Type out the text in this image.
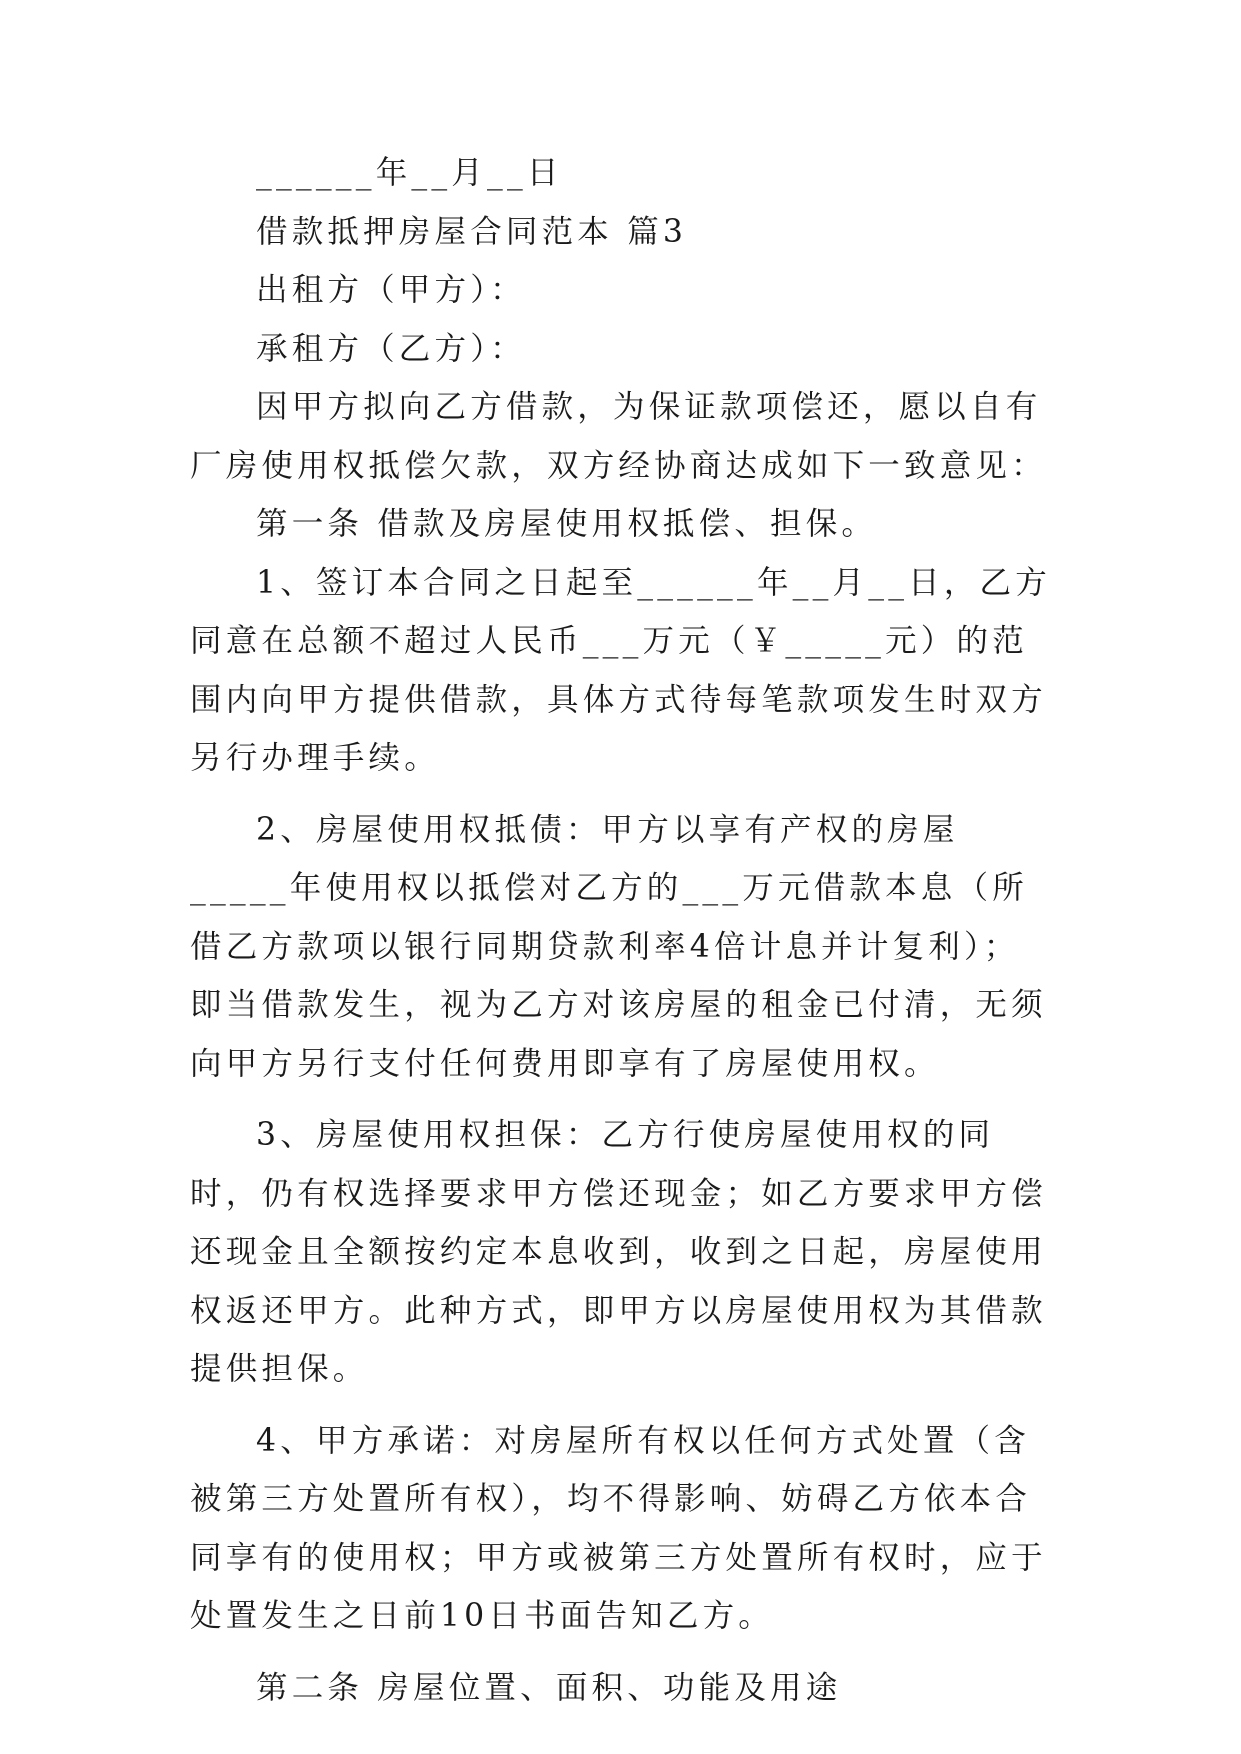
______年__月__日

借款抵押房屋合同范本 篇3

出租方（甲方）：

承租方（乙方）：

因甲方拟向乙方借款，为保证款项偿还，愿以自有厂房使用权抵偿欠款，双方经协商达成如下一致意见：

第一条 借款及房屋使用权抵偿、担保。

1、签订本合同之日起至______年__月__日，乙方同意在总额不超过人民币___万元（￥_____元）的范围内向甲方提供借款，具体方式待每笔款项发生时双方另行办理手续。

2、房屋使用权抵债：甲方以享有产权的房屋_____年使用权以抵偿对乙方的___万元借款本息（所借乙方款项以银行同期贷款利率4倍计息并计复利）；即当借款发生，视为乙方对该房屋的租金已付清，无须向甲方另行支付任何费用即享有了房屋使用权。

3、房屋使用权担保：乙方行使房屋使用权的同时，仍有权选择要求甲方偿还现金；如乙方要求甲方偿还现金且全额按约定本息收到，收到之日起，房屋使用权返还甲方。此种方式，即甲方以房屋使用权为其借款提供担保。

4、甲方承诺：对房屋所有权以任何方式处置（含被第三方处置所有权），均不得影响、妨碍乙方依本合同享有的使用权；甲方或被第三方处置所有权时，应于处置发生之日前10日书面告知乙方。

第二条 房屋位置、面积、功能及用途
